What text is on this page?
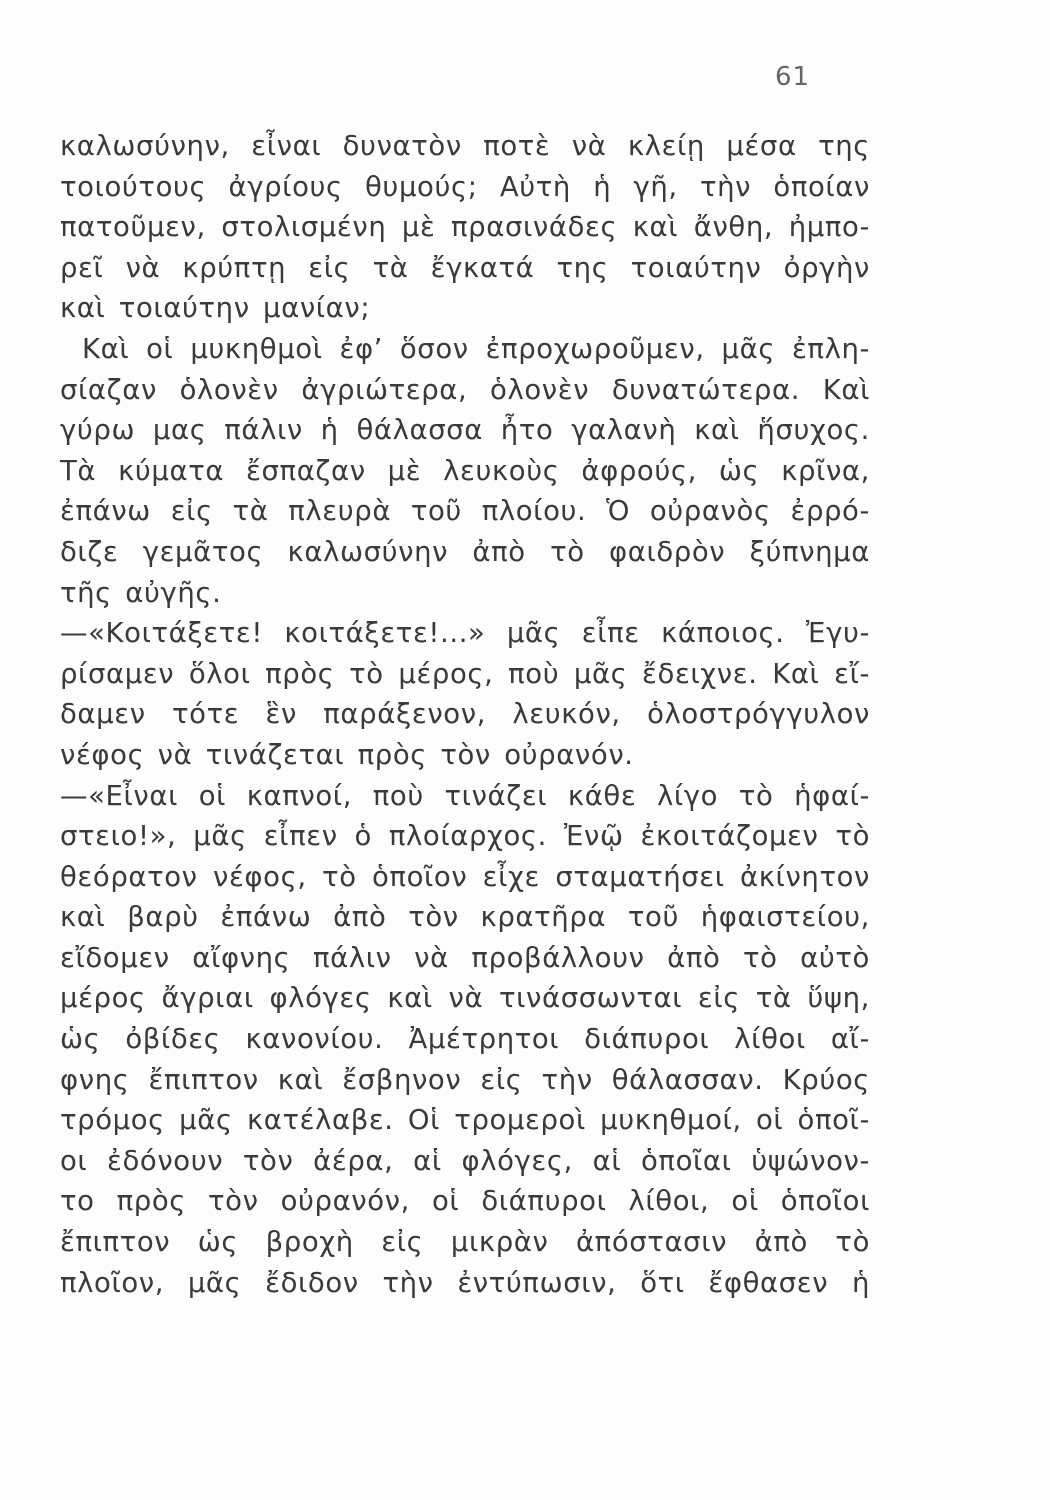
61
καλωσύνην, εἶναι δυνατὸν ποτὲ νὰ κλείῃ μέσα της
τοιούτους ἀγρίους θυμούς; Αὐτὴ ἡ γῆ, τὴν ὁποίαν
πατοῦμεν, στολισμένη μὲ πρασινάδες καὶ ἄνθη, ἠμπο-
ρεῖ νὰ κρύπτῃ εἰς τὰ ἔγκατά της τοιαύτην ὀργὴν
καὶ τοιαύτην μανίαν;
Καὶ οἱ μυκηθμοὶ ἐφ’ ὅσον ἐπροχωροῦμεν, μᾶς ἐπλη-
σίαζαν ὁλονὲν ἀγριώτερα, ὁλονὲν δυνατώτερα. Καὶ
γύρω μας πάλιν ἡ θάλασσα ἦτο γαλανὴ καὶ ἥσυχος.
Τὰ κύματα ἔσπαζαν μὲ λευκοὺς ἀφρούς, ὡς κρῖνα,
ἐπάνω εἰς τὰ πλευρὰ τοῦ πλοίου. Ὁ οὐρανὸς ἐρρό-
διζε γεμᾶτος καλωσύνην ἀπὸ τὸ φαιδρὸν ξύπνημα
τῆς αὐγῆς.
—«Κοιτάξετε! κοιτάξετε!...» μᾶς εἶπε κάποιος. Ἐγυ-
ρίσαμεν ὅλοι πρὸς τὸ μέρος, ποὺ μᾶς ἔδειχνε. Καὶ εἴ-
δαμεν τότε ἓν παράξενον, λευκόν, ὁλοστρόγγυλον
νέφος νὰ τινάζεται πρὸς τὸν οὐρανόν.
—«Εἶναι οἱ καπνοί, ποὺ τινάζει κάθε λίγο τὸ ἡφαί-
στειο!», μᾶς εἶπεν ὁ πλοίαρχος. Ἐνῷ ἐκοιτάζομεν τὸ
θεόρατον νέφος, τὸ ὁποῖον εἶχε σταματήσει ἀκίνητον
καὶ βαρὺ ἐπάνω ἀπὸ τὸν κρατῆρα τοῦ ἡφαιστείου,
εἴδομεν αἴφνης πάλιν νὰ προβάλλουν ἀπὸ τὸ αὐτὸ
μέρος ἄγριαι φλόγες καὶ νὰ τινάσσωνται εἰς τὰ ὕψη,
ὡς ὀβίδες κανονίου. Ἀμέτρητοι διάπυροι λίθοι αἴ-
φνης ἔπιπτον καὶ ἔσβηνον εἰς τὴν θάλασσαν. Κρύος
τρόμος μᾶς κατέλαβε. Οἱ τρομεροὶ μυκηθμοί, οἱ ὁποῖ-
οι ἐδόνουν τὸν ἀέρα, αἱ φλόγες, αἱ ὁποῖαι ὑψώνον-
το πρὸς τὸν οὐρανόν, οἱ διάπυροι λίθοι, οἱ ὁποῖοι
ἔπιπτον ὡς βροχὴ εἰς μικρὰν ἀπόστασιν ἀπὸ τὸ
πλοῖον, μᾶς ἔδιδον τὴν ἐντύπωσιν, ὅτι ἔφθασεν ἡ
